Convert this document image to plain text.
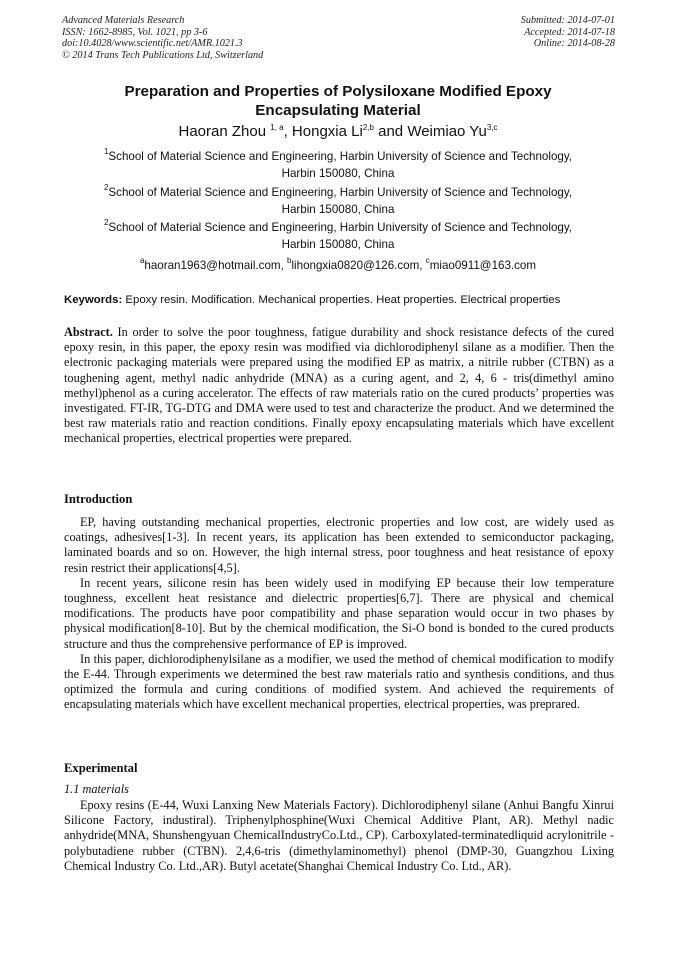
Advanced Materials Research
ISSN: 1662-8985, Vol. 1021, pp 3-6
doi:10.4028/www.scientific.net/AMR.1021.3
© 2014 Trans Tech Publications Ltd, Switzerland
Submitted: 2014-07-01
Accepted: 2014-07-18
Online: 2014-08-28
Preparation and Properties of Polysiloxane Modified Epoxy
Encapsulating Material
Haoran Zhou $^{1, a}$, Hongxia Li$^{2,b}$ and Weimiao Yu$^{3,c}$
$^1$School of Material Science and Engineering, Harbin University of Science and Technology,
Harbin 150080, China
$^2$School of Material Science and Engineering, Harbin University of Science and Technology,
Harbin 150080, China
$^2$School of Material Science and Engineering, Harbin University of Science and Technology,
Harbin 150080, China
$^a$haoran1963@hotmail.com, $^b$lihongxia0820@126.com, $^c$miao0911@163.com
Keywords: Epoxy resin. Modification. Mechanical properties. Heat properties. Electrical properties
Abstract. In order to solve the poor toughness, fatigue durability and shock resistance defects of the cured epoxy resin, in this paper, the epoxy resin was modified via dichlorodiphenyl silane as a modifier. Then the electronic packaging materials were prepared using the modified EP as matrix, a nitrile rubber (CTBN) as a toughening agent, methyl nadic anhydride (MNA) as a curing agent, and 2, 4, 6 - tris(dimethyl amino methyl)phenol as a curing accelerator. The effects of raw materials ratio on the cured products’ properties was investigated. FT-IR, TG-DTG and DMA were used to test and characterize the product. And we determined the best raw materials ratio and reaction conditions. Finally epoxy encapsulating materials which have excellent mechanical properties, electrical properties were prepared.
Introduction

EP, having outstanding mechanical properties, electronic properties and low cost, are widely used as coatings, adhesives[1-3]. In recent years, its application has been extended to semiconductor packaging, laminated boards and so on. However, the high internal stress, poor toughness and heat resistance of epoxy resin restrict their applications[4,5].

In recent years, silicone resin has been widely used in modifying EP because their low temperature toughness, excellent heat resistance and dielectric properties[6,7]. There are physical and chemical modifications. The products have poor compatibility and phase separation would occur in two phases by physical modification[8-10]. But by the chemical modification, the Si-O bond is bonded to the cured products structure and thus the comprehensive performance of EP is improved.

In this paper, dichlorodiphenylsilane as a modifier, we used the method of chemical modification to modify the E-44. Through experiments we determined the best raw materials ratio and synthesis conditions, and thus optimized the formula and curing conditions of modified system. And achieved the requirements of encapsulating materials which have excellent mechanical properties, electrical properties, was preprared.

Experimental
1.1 materials

Epoxy resins (E-44, Wuxi Lanxing New Materials Factory). Dichlorodiphenyl silane (Anhui Bangfu Xinrui Silicone Factory, industiral). Triphenylphosphine(Wuxi Chemical Additive Plant, AR). Methyl nadic anhydride(MNA, Shunshengyuan ChemicalIndustryCo.Ltd., CP). Carboxylated-terminatedliquid acrylonitrile -polybutadiene rubber (CTBN). 2,4,6-tris (dimethylaminomethyl) phenol (DMP-30, Guangzhou Lixing Chemical Industry Co. Ltd.,AR). Butyl acetate(Shanghai Chemical Industry Co. Ltd., AR).
